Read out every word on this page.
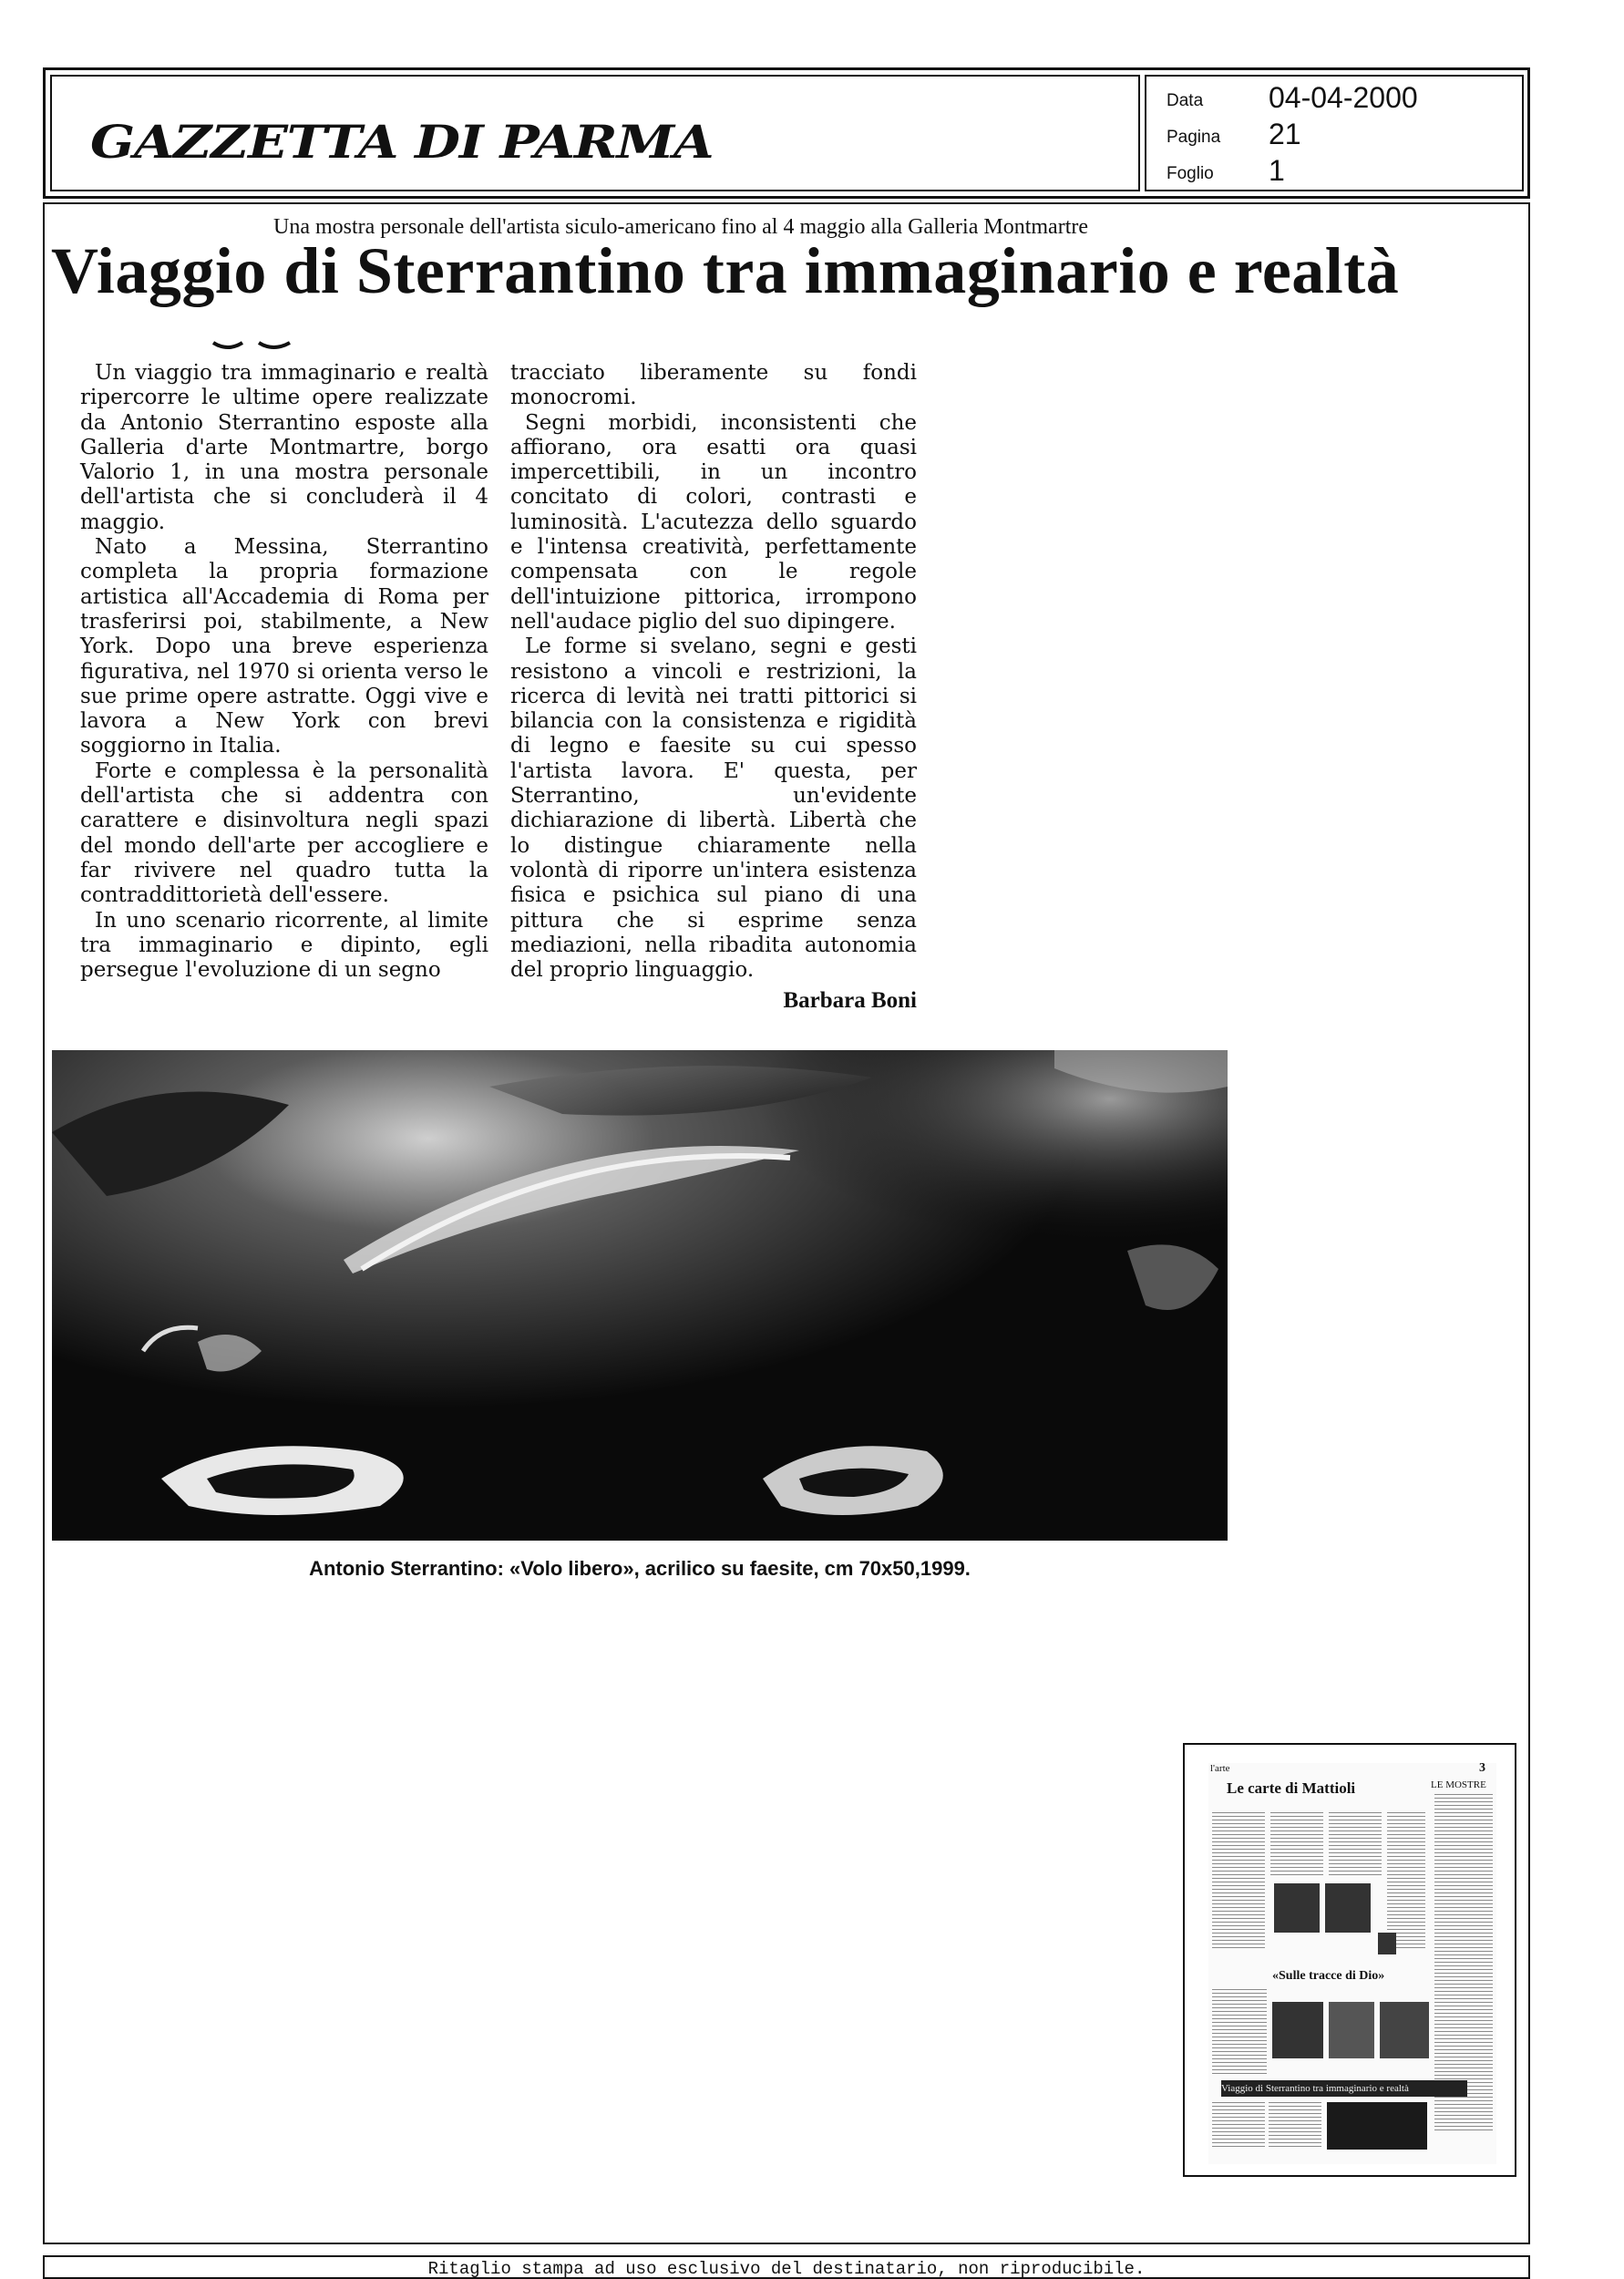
GAZZETTA DI PARMA
Data 04-04-2000
Pagina 21
Foglio 1
Una mostra personale dell'artista siculo-americano fino al 4 maggio alla Galleria Montmartre
Viaggio di Sterrantino tra immaginario e realtà

Un viaggio tra immaginario e realtà ripercorre le ultime opere realizzate da Antonio Sterrantino esposte alla Galleria d'arte Montmartre, borgo Valorio 1, in una mostra personale dell'artista che si concluderà il 4 maggio.

Nato a Messina, Sterrantino completa la propria formazione artistica all'Accademia di Roma per trasferirsi poi, stabilmente, a New York. Dopo una breve esperienza figurativa, nel 1970 si orienta verso le sue prime opere astratte. Oggi vive e lavora a New York con brevi soggiorno in Italia.

Forte e complessa è la personalità dell'artista che si addentra con carattere e disinvoltura negli spazi del mondo dell'arte per accogliere e far rivivere nel quadro tutta la contraddittorietà dell'essere.

In uno scenario ricorrente, al limite tra immaginario e dipinto, egli persegue l'evoluzione di un segno

tracciato liberamente su fondi monocromi.

Segni morbidi, inconsistenti che affiorano, ora esatti ora quasi impercettibili, in un incontro concitato di colori, contrasti e luminosità. L'acutezza dello sguardo e l'intensa creatività, perfettamente compensata con le regole dell'intuizione pittorica, irrompono nell'audace piglio del suo dipingere.

Le forme si svelano, segni e gesti resistono a vincoli e restrizioni, la ricerca di levità nei tratti pittorici si bilancia con la consistenza e rigidità di legno e faesite su cui spesso l'artista lavora. E' questa, per Sterrantino, un'evidente dichiarazione di libertà. Libertà che lo distingue chiaramente nella volontà di riporre un'intera esistenza fisica e psichica sul piano di una pittura che si esprime senza mediazioni, nella ribadita autonomia del proprio linguaggio.

Barbara Boni
Antonio Sterrantino: «Volo libero», acrilico su faesite, cm 70x50,1999.
l'arte	3
Le carte di Mattioli	LE MOSTRE
«Sulle tracce di Dio»
Viaggio di Sterrantino tra immaginario e realtà
Ritaglio stampa ad uso esclusivo del destinatario, non riproducibile.
